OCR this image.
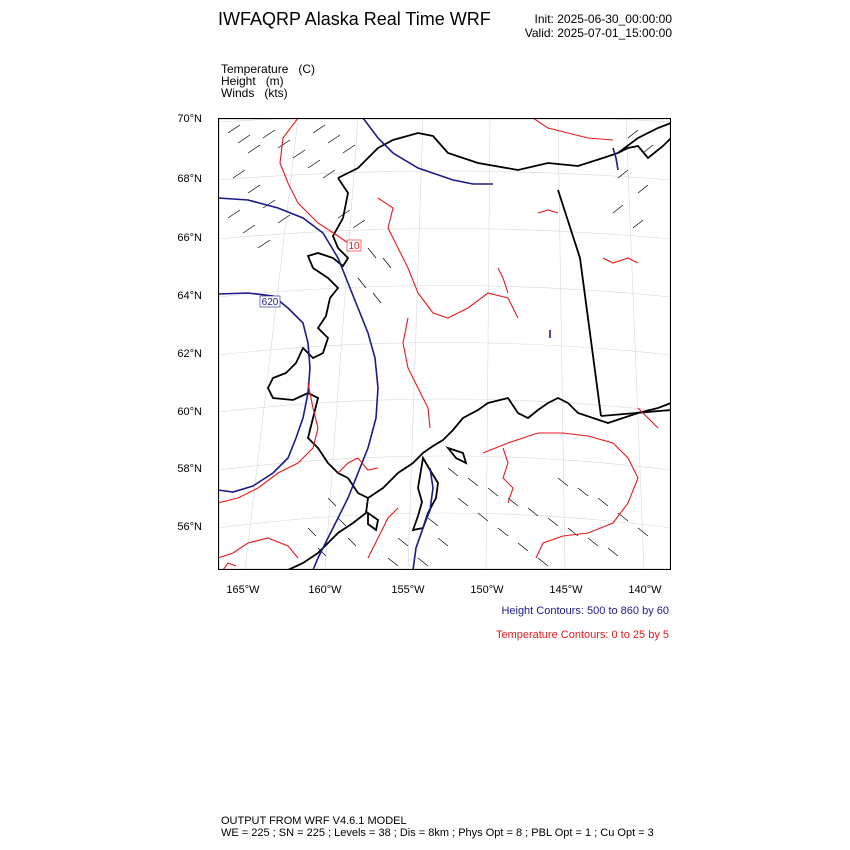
IWFAQRP Alaska Real Time WRF	Init: 2025-06-30_00:00:00
Valid: 2025-07-01_15:00:00
Temperature (C)
Height (m)
Winds (kts)
70°N
68°N
66°N
64°N
62°N
60°N
58°N
56°N
165°W	160°W	155°W	150°W	145°W	140°W
620
10
Height Contours: 500 to 860 by 60
Temperature Contours: 0 to 25 by 5
OUTPUT FROM WRF V4.6.1 MODEL
WE = 225 ; SN = 225 ; Levels = 38 ; Dis = 8km ; Phys Opt = 8 ; PBL Opt = 1 ; Cu Opt = 3
